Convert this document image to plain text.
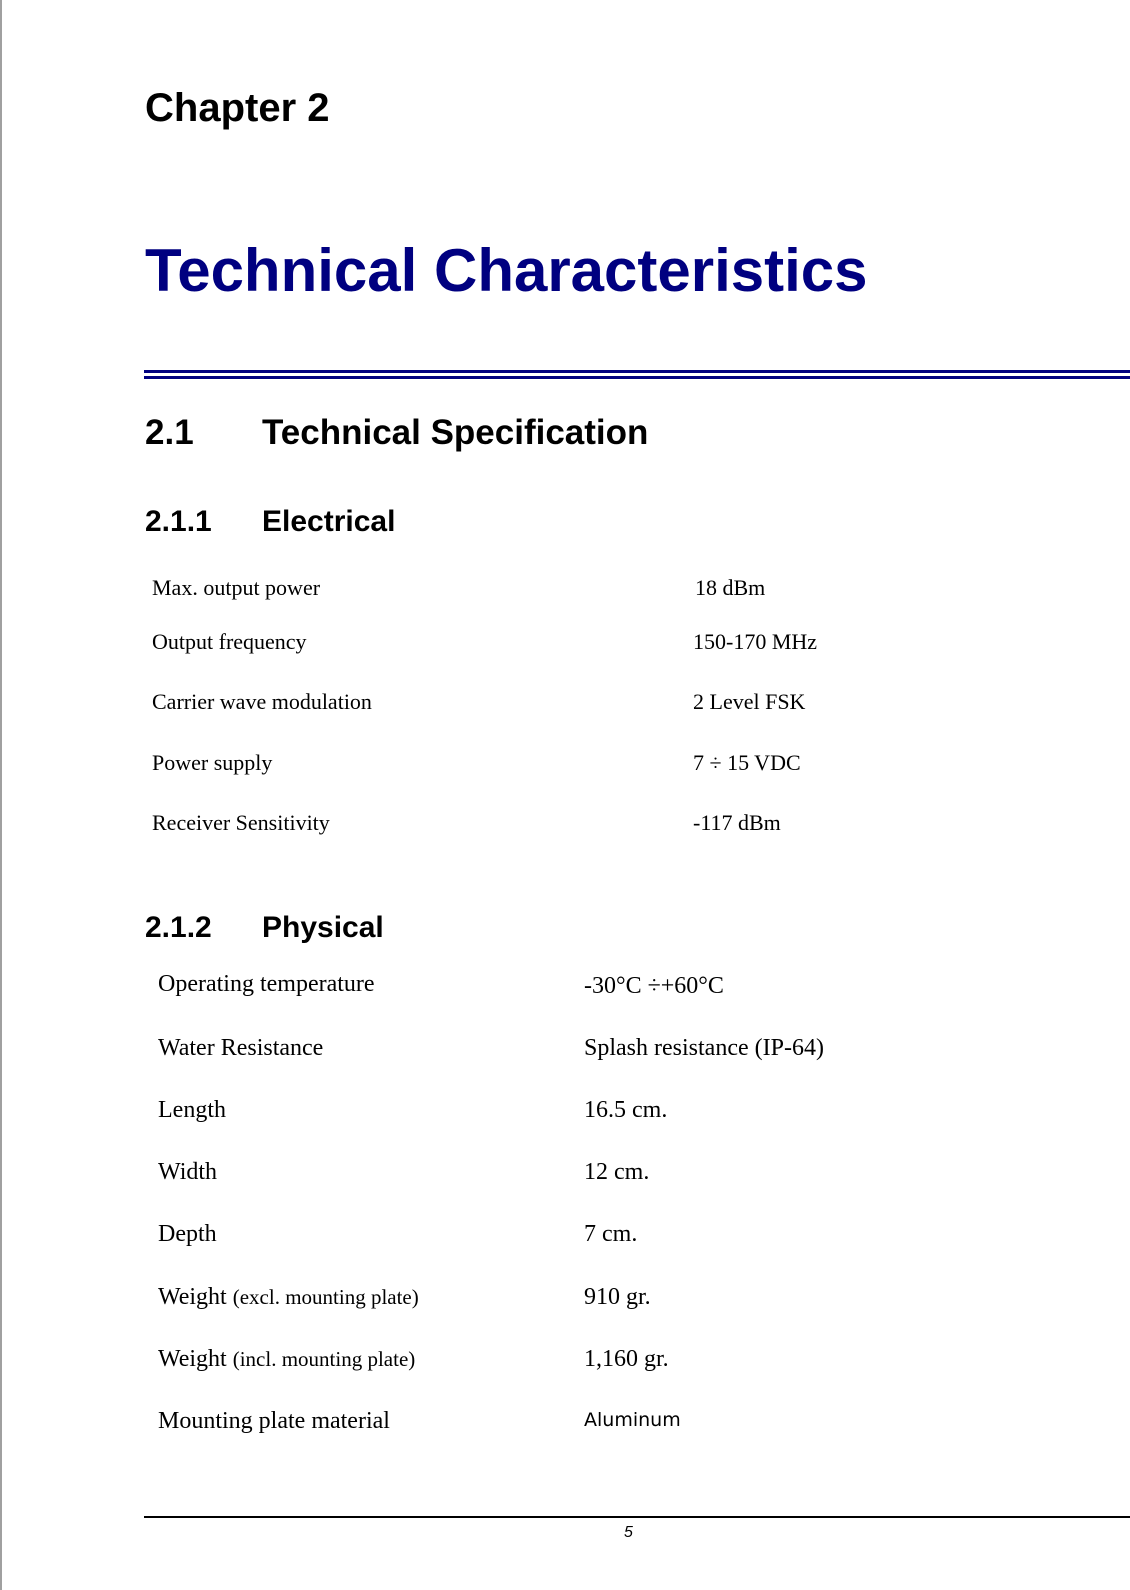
Chapter 2
Technical Characteristics
2.1 Technical Specification
2.1.1 Electrical
Max. output power	18 dBm
Output frequency	150-170 MHz
Carrier wave modulation	2 Level FSK
Power supply	7 ÷ 15 VDC
Receiver Sensitivity	-117 dBm
2.1.2 Physical
Operating temperature	-30°C ÷+60°C
Water Resistance	Splash resistance (IP-64)
Length	16.5 cm.
Width	12 cm.
Depth	7 cm.
Weight (excl. mounting plate)	910 gr.
Weight (incl. mounting plate)	1,160 gr.
Mounting plate material	Aluminum
5
